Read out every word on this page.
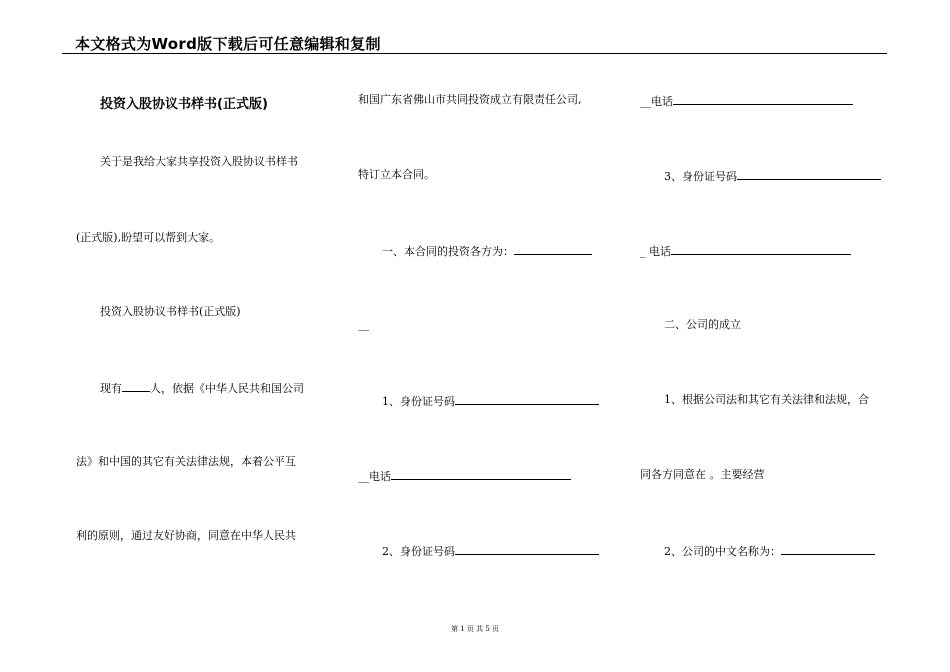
本文格式为Word版下载后可任意编辑和复制
投资入股协议书样书(正式版)
关于是我给大家共享投资入股协议书样书
(正式版),盼望可以帮到大家。
投资入股协议书样书(正式版)
现有	人，依据《中华人民共和国公司
法》和中国的其它有关法律法规，本着公平互
利的原则，通过友好协商，同意在中华人民共
和国广东省佛山市共同投资成立有限责任公司,
特订立本合同。
一、本合同的投资各方为：
__
1、身份证号码
__电话
2、身份证号码
__电话
3、身份证号码
_ 电话
二、公司的成立
1、根据公司法和其它有关法律和法规，合
同各方同意在 。主要经营
2、公司的中文名称为：
第 1 页 共 5 页
